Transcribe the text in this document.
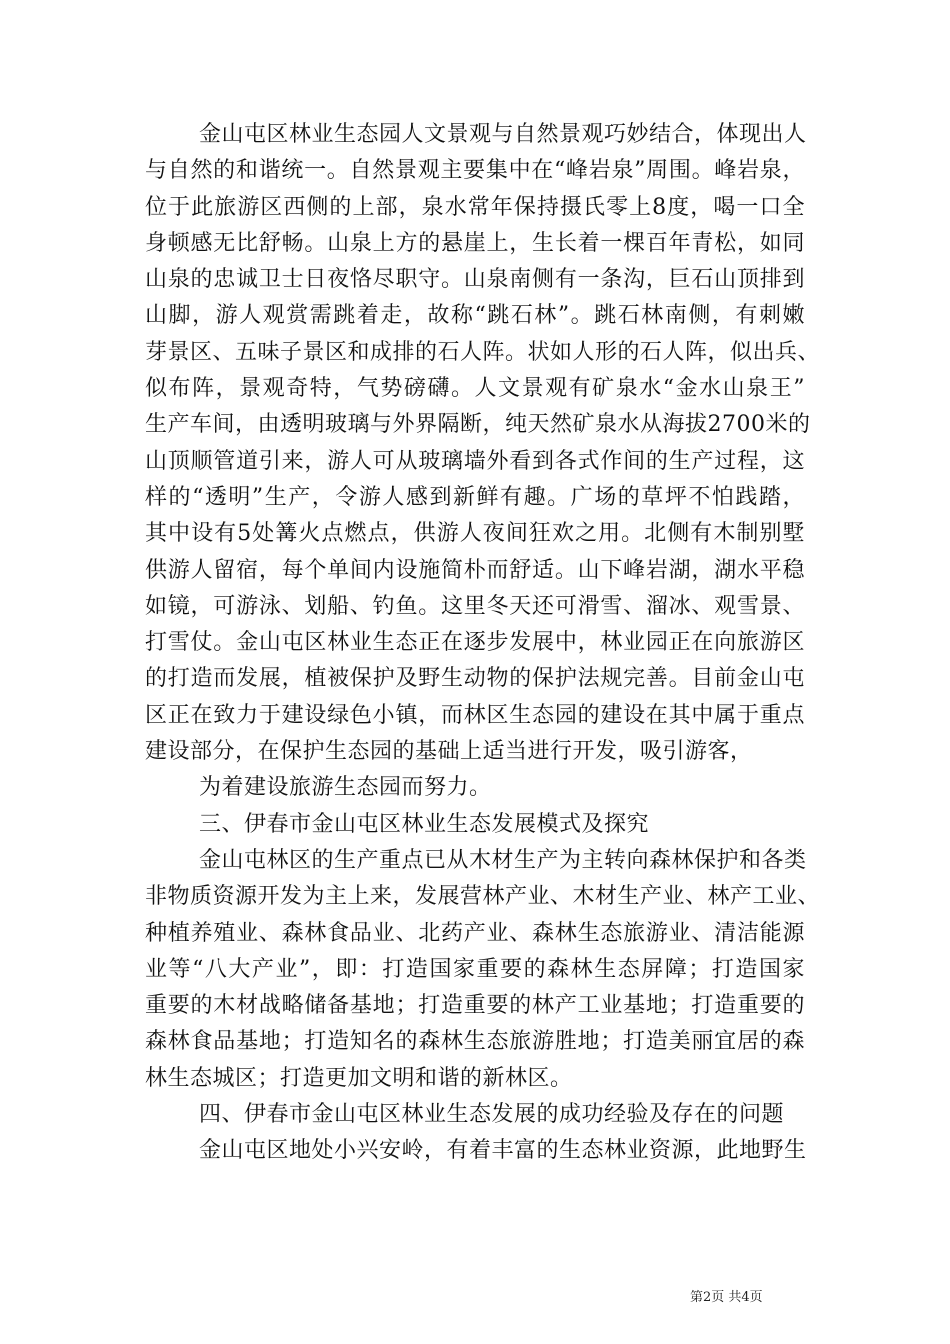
金山屯区林业生态园人文景观与自然景观巧妙结合，体现出人
与自然的和谐统一。自然景观主要集中在“峰岩泉”周围。峰岩泉，
位于此旅游区西侧的上部，泉水常年保持摄氏零上8度，喝一口全
身顿感无比舒畅。山泉上方的悬崖上，生长着一棵百年青松，如同
山泉的忠诚卫士日夜恪尽职守。山泉南侧有一条沟，巨石山顶排到
山脚，游人观赏需跳着走，故称“跳石林”。跳石林南侧，有刺嫩
芽景区、五味子景区和成排的石人阵。状如人形的石人阵，似出兵、
似布阵，景观奇特，气势磅礴。人文景观有矿泉水“金水山泉王”
生产车间，由透明玻璃与外界隔断，纯天然矿泉水从海拔2700米的
山顶顺管道引来，游人可从玻璃墙外看到各式作间的生产过程，这
样的“透明”生产，令游人感到新鲜有趣。广场的草坪不怕践踏，
其中设有5处篝火点燃点，供游人夜间狂欢之用。北侧有木制别墅
供游人留宿，每个单间内设施简朴而舒适。山下峰岩湖，湖水平稳
如镜，可游泳、划船、钓鱼。这里冬天还可滑雪、溜冰、观雪景、
打雪仗。金山屯区林业生态正在逐步发展中，林业园正在向旅游区
的打造而发展，植被保护及野生动物的保护法规完善。目前金山屯
区正在致力于建设绿色小镇，而林区生态园的建设在其中属于重点
建设部分，在保护生态园的基础上适当进行开发，吸引游客，
为着建设旅游生态园而努力。
三、伊春市金山屯区林业生态发展模式及探究
金山屯林区的生产重点已从木材生产为主转向森林保护和各类
非物质资源开发为主上来，发展营林产业、木材生产业、林产工业、
种植养殖业、森林食品业、北药产业、森林生态旅游业、清洁能源
业等“八大产业”，即：打造国家重要的森林生态屏障；打造国家
重要的木材战略储备基地；打造重要的林产工业基地；打造重要的
森林食品基地；打造知名的森林生态旅游胜地；打造美丽宜居的森
林生态城区；打造更加文明和谐的新林区。
四、伊春市金山屯区林业生态发展的成功经验及存在的问题
金山屯区地处小兴安岭，有着丰富的生态林业资源，此地野生
第2页 共4页
